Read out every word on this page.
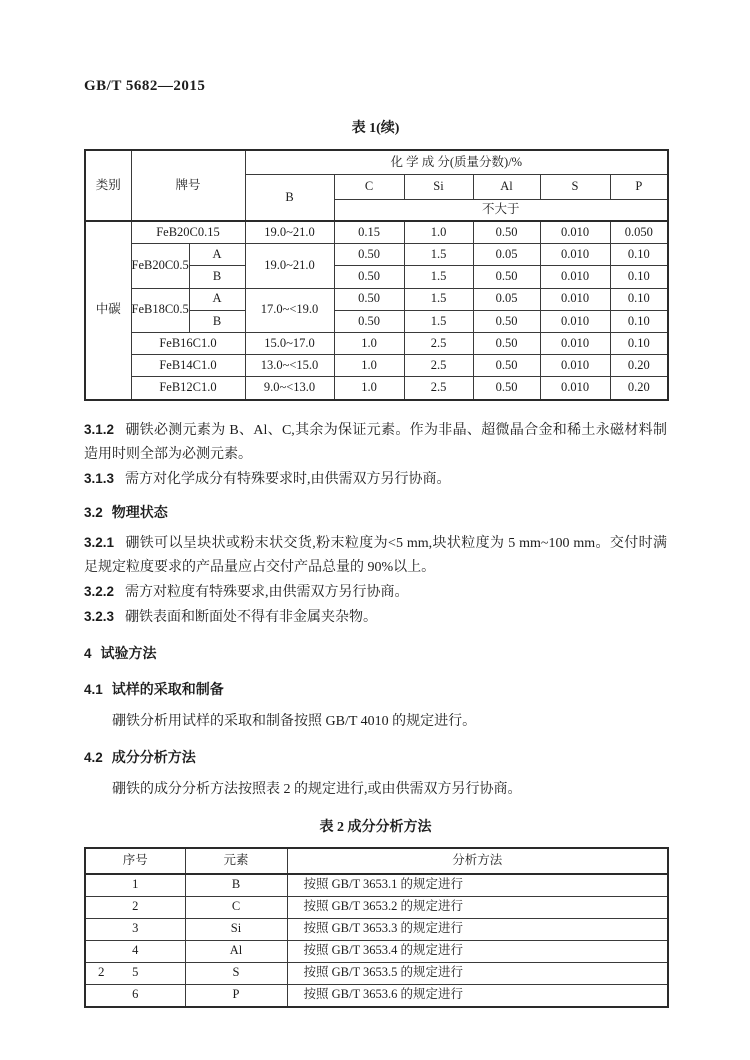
GB/T 5682—2015
表 1(续)
类别	牌号		化 学 成 分(质量分数)/%					
			B	C	Si	Al	S	P
				不大于				
中碳	FeB20C0.15		19.0~21.0	0.15	1.0	0.50	0.010	0.050
	FeB20C0.5	A	19.0~21.0	0.50	1.5	0.05	0.010	0.10
		B		0.50	1.5	0.50	0.010	0.10
	FeB18C0.5	A	17.0~<19.0	0.50	1.5	0.05	0.010	0.10
		B		0.50	1.5	0.50	0.010	0.10
	FeB16C1.0		15.0~17.0	1.0	2.5	0.50	0.010	0.10
	FeB14C1.0		13.0~<15.0	1.0	2.5	0.50	0.010	0.20
	FeB12C1.0		9.0~<13.0	1.0	2.5	0.50	0.010	0.20

3.1.2 硼铁必测元素为 B、Al、C,其余为保证元素。作为非晶、超微晶合金和稀土永磁材料制造用时则全部为必测元素。

3.1.3 需方对化学成分有特殊要求时,由供需双方另行协商。

3.2 物理状态

3.2.1 硼铁可以呈块状或粉末状交货,粉末粒度为<5 mm,块状粒度为 5 mm~100 mm。交付时满足规定粒度要求的产品量应占交付产品总量的 90%以上。

3.2.2 需方对粒度有特殊要求,由供需双方另行协商。

3.2.3 硼铁表面和断面处不得有非金属夹杂物。

4 试验方法

4.1 试样的采取和制备

硼铁分析用试样的采取和制备按照 GB/T 4010 的规定进行。

4.2 成分分析方法

硼铁的成分分析方法按照表 2 的规定进行,或由供需双方另行协商。

表 2 成分分析方法
序号	元素	分析方法
1	B	按照 GB/T 3653.1 的规定进行
2	C	按照 GB/T 3653.2 的规定进行
3	Si	按照 GB/T 3653.3 的规定进行
4	Al	按照 GB/T 3653.4 的规定进行
5	S	按照 GB/T 3653.5 的规定进行
6	P	按照 GB/T 3653.6 的规定进行
2
